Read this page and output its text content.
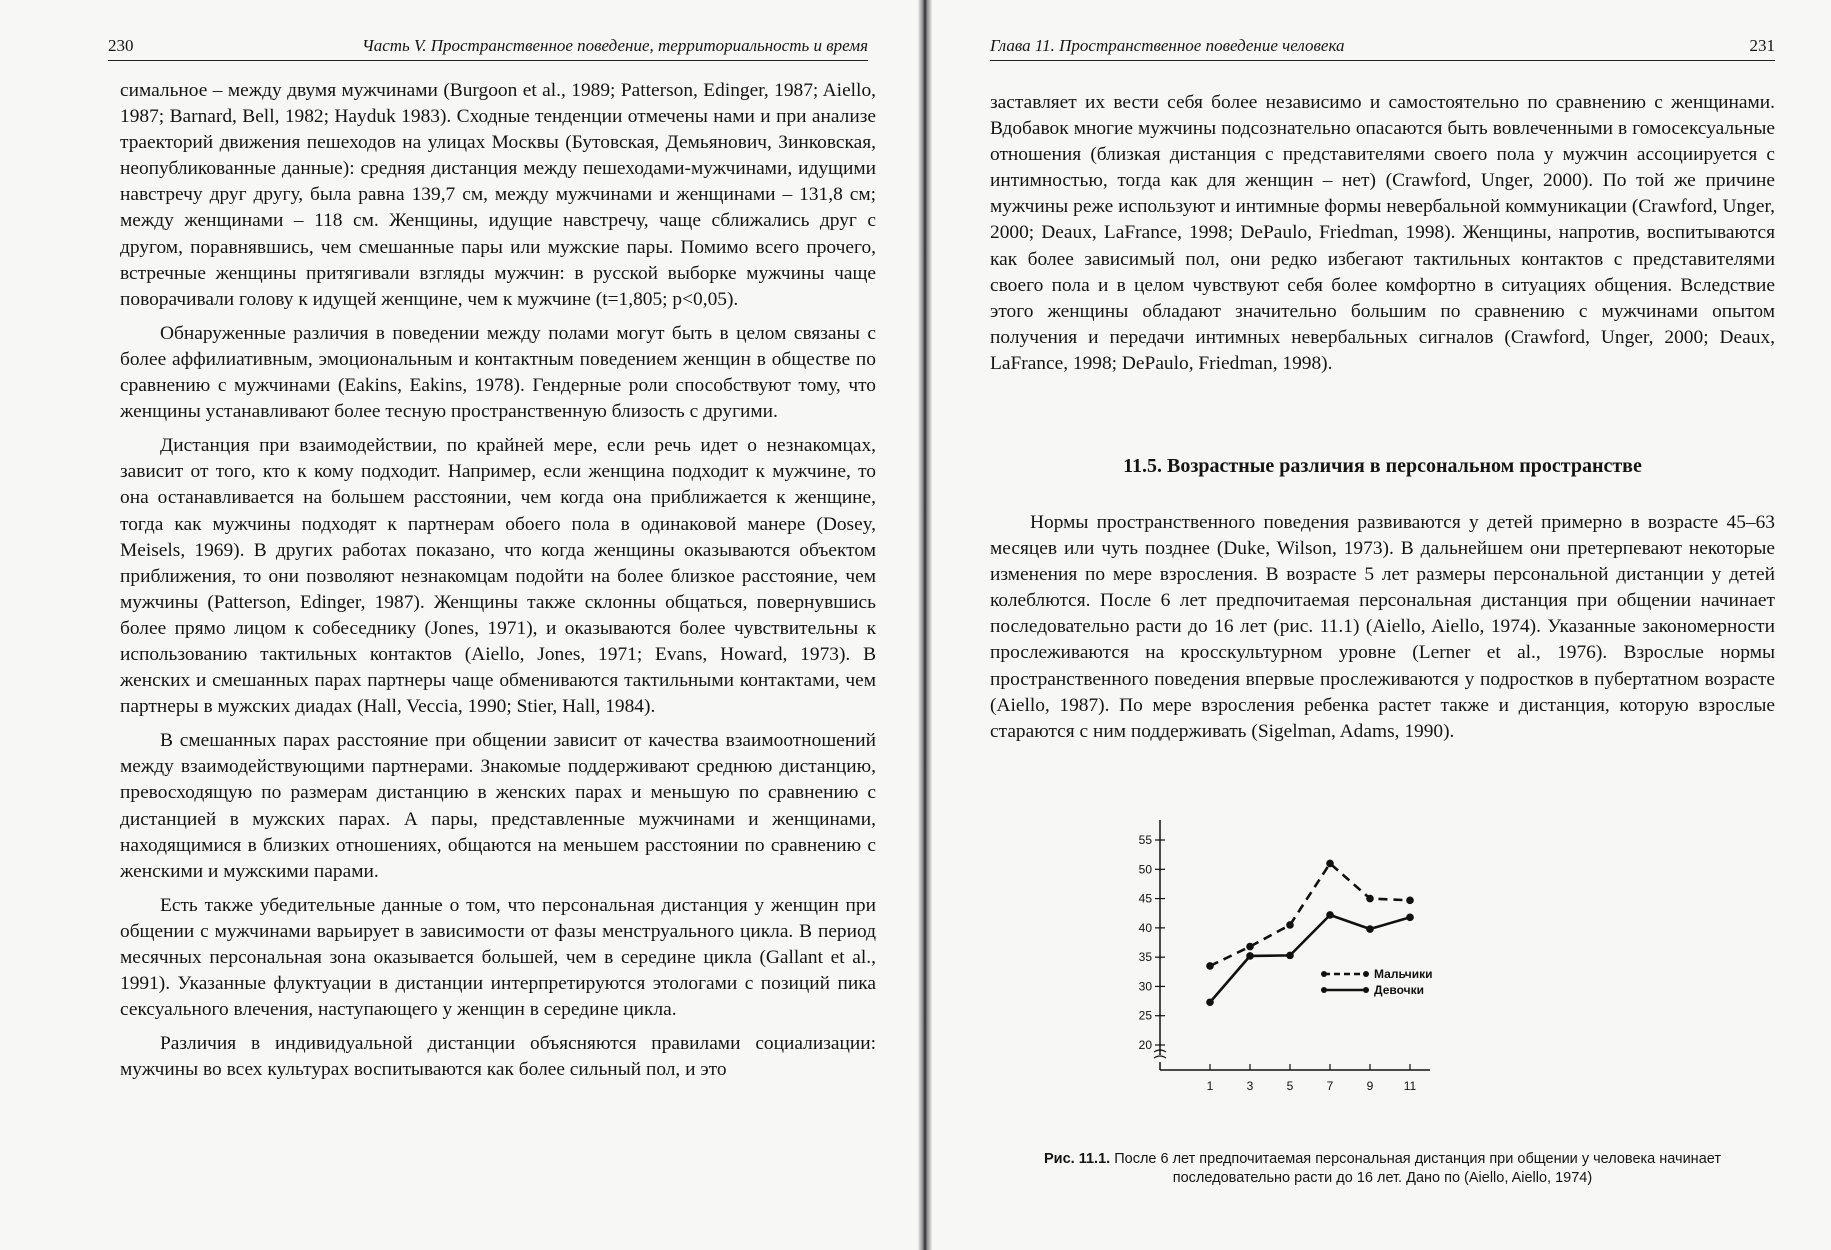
230	Часть V. Пространственное поведение, территориальность и время

симальное – между двумя мужчинами (Burgoon et al., 1989; Patterson, Edinger, 1987; Aiello, 1987; Barnard, Bell, 1982; Hayduk 1983). Сходные тенденции отмечены нами и при анализе траекторий движения пешеходов на улицах Москвы (Бутовская, Демьянович, Зинковская, неопубликованные данные): средняя дистанция между пешеходами-мужчинами, идущими навстречу друг другу, была равна 139,7 см, между мужчинами и женщинами – 131,8 см; между женщинами – 118 см. Женщины, идущие навстречу, чаще сближались друг с другом, поравнявшись, чем смешанные пары или мужские пары. Помимо всего прочего, встречные женщины притягивали взгляды мужчин: в русской выборке мужчины чаще поворачивали голову к идущей женщине, чем к мужчине (t=1,805; p<0,05).

Обнаруженные различия в поведении между полами могут быть в целом связаны с более аффилиативным, эмоциональным и контактным поведением женщин в обществе по сравнению с мужчинами (Eakins, Eakins, 1978). Гендерные роли способствуют тому, что женщины устанавливают более тесную пространственную близость с другими.

Дистанция при взаимодействии, по крайней мере, если речь идет о незнакомцах, зависит от того, кто к кому подходит. Например, если женщина подходит к мужчине, то она останавливается на большем расстоянии, чем когда она приближается к женщине, тогда как мужчины подходят к партнерам обоего пола в одинаковой манере (Dosey, Meisels, 1969). В других работах показано, что когда женщины оказываются объектом приближения, то они позволяют незнакомцам подойти на более близкое расстояние, чем мужчины (Patterson, Edinger, 1987). Женщины также склонны общаться, повернувшись более прямо лицом к собеседнику (Jones, 1971), и оказываются более чувствительны к использованию тактильных контактов (Aiello, Jones, 1971; Evans, Howard, 1973). В женских и смешанных парах партнеры чаще обмениваются тактильными контактами, чем партнеры в мужских диадах (Hall, Veccia, 1990; Stier, Hall, 1984).

В смешанных парах расстояние при общении зависит от качества взаимоотношений между взаимодействующими партнерами. Знакомые поддерживают среднюю дистанцию, превосходящую по размерам дистанцию в женских парах и меньшую по сравнению с дистанцией в мужских парах. А пары, представленные мужчинами и женщинами, находящимися в близких отношениях, общаются на меньшем расстоянии по сравнению с женскими и мужскими парами.

Есть также убедительные данные о том, что персональная дистанция у женщин при общении с мужчинами варьирует в зависимости от фазы менструального цикла. В период месячных персональная зона оказывается большей, чем в середине цикла (Gallant et al., 1991). Указанные флуктуации в дистанции интерпретируются этологами с позиций пика сексуального влечения, наступающего у женщин в середине цикла.

Различия в индивидуальной дистанции объясняются правилами социализации: мужчины во всех культурах воспитываются как более сильный пол, и это

Глава 11. Пространственное поведение человека	231

заставляет их вести себя более независимо и самостоятельно по сравнению с женщинами. Вдобавок многие мужчины подсознательно опасаются быть вовлеченными в гомосексуальные отношения (близкая дистанция с представителями своего пола у мужчин ассоциируется с интимностью, тогда как для женщин – нет) (Crawford, Unger, 2000). По той же причине мужчины реже используют и интимные формы невербальной коммуникации (Crawford, Unger, 2000; Deaux, LaFrance, 1998; DePaulo, Friedman, 1998). Женщины, напротив, воспитываются как более зависимый пол, они редко избегают тактильных контактов с представителями своего пола и в целом чувствуют себя более комфортно в ситуациях общения. Вследствие этого женщины обладают значительно большим по сравнению с мужчинами опытом получения и передачи интимных невербальных сигналов (Crawford, Unger, 2000; Deaux, LaFrance, 1998; DePaulo, Friedman, 1998).

11.5. Возрастные различия в персональном пространстве

Нормы пространственного поведения развиваются у детей примерно в возрасте 45–63 месяцев или чуть позднее (Duke, Wilson, 1973). В дальнейшем они претерпевают некоторые изменения по мере взросления. В возрасте 5 лет размеры персональной дистанции у детей колеблются. После 6 лет предпочитаемая персональная дистанция при общении начинает последовательно расти до 16 лет (рис. 11.1) (Aiello, Aiello, 1974). Указанные закономерности прослеживаются на кросскультурном уровне (Lerner et al., 1976). Взрослые нормы пространственного поведения впервые прослеживаются у подростков в пубертатном возрасте (Aiello, 1987). По мере взросления ребенка растет также и дистанция, которую взрослые стараются с ним поддерживать (Sigelman, Adams, 1990).

20
25
30
35
40
45
50
55
1	3	5	7	9	11
Мальчики
Девочки
Рис. 11.1. После 6 лет предпочитаемая персональная дистанция при общении у человека начинает последовательно расти до 16 лет. Дано по (Aiello, Aiello, 1974)
